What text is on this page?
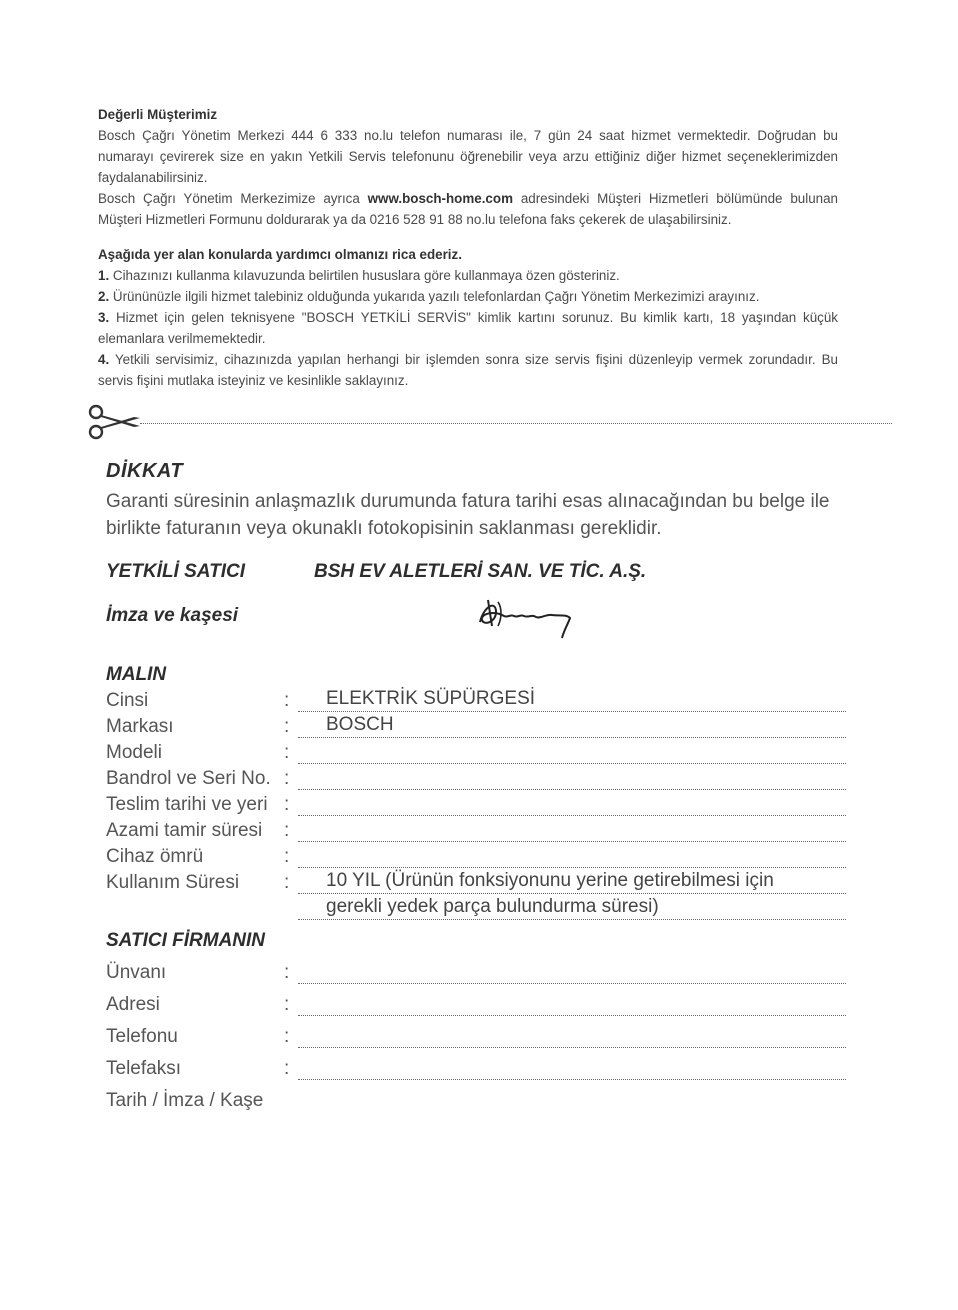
Değerli Müşterimiz

Bosch Çağrı Yönetim Merkezi 444 6 333 no.lu telefon numarası ile, 7 gün 24 saat hizmet vermektedir. Doğrudan bu numarayı çevirerek size en yakın Yetkili Servis telefonunu öğrenebilir veya arzu ettiğiniz diğer hizmet seçeneklerimizden faydalanabilirsiniz.

Bosch Çağrı Yönetim Merkezimize ayrıca www.bosch-home.com adresindeki Müşteri Hizmetleri bölümünde bulunan Müşteri Hizmetleri Formunu doldurarak ya da 0216 528 91 88 no.lu telefona faks çekerek de ulaşabilirsiniz.

Aşağıda yer alan konularda yardımcı olmanızı rica ederiz.

1. Cihazınızı kullanma kılavuzunda belirtilen hususlara göre kullanmaya özen gösteriniz.

2. Ürününüzle ilgili hizmet talebiniz olduğunda yukarıda yazılı telefonlardan Çağrı Yönetim Merkezimizi arayınız.

3. Hizmet için gelen teknisyene "BOSCH YETKİLİ SERVİS" kimlik kartını sorunuz. Bu kimlik kartı, 18 yaşından küçük elemanlara verilmemektedir.

4. Yetkili servisimiz, cihazınızda yapılan herhangi bir işlemden sonra size servis fişini düzenleyip vermek zorundadır. Bu servis fişini mutlaka isteyiniz ve kesinlikle saklayınız.

DİKKAT
Garanti süresinin anlaşmazlık durumunda fatura tarihi esas alınacağından bu belge ile birlikte faturanın veya okunaklı fotokopisinin saklanması gereklidir.
YETKİLİ SATICI	BSH EV ALETLERİ SAN. VE TİC. A.Ş.
İmza ve kaşesi
MALIN
Cinsi	: ELEKTRİK SÜPÜRGESİ
Markası	: BOSCH
Modeli	:
Bandrol ve Seri No. :
Teslim tarihi ve yeri :
Azami tamir süresi :
Cihaz ömrü	:
Kullanım Süresi : 10 YIL (Ürünün fonksiyonunu yerine getirebilmesi için
gerekli yedek parça bulundurma süresi)
SATICI FİRMANIN
Ünvanı	:
Adresi	:
Telefonu	:
Telefaksı	:
Tarih / İmza / Kaşe
